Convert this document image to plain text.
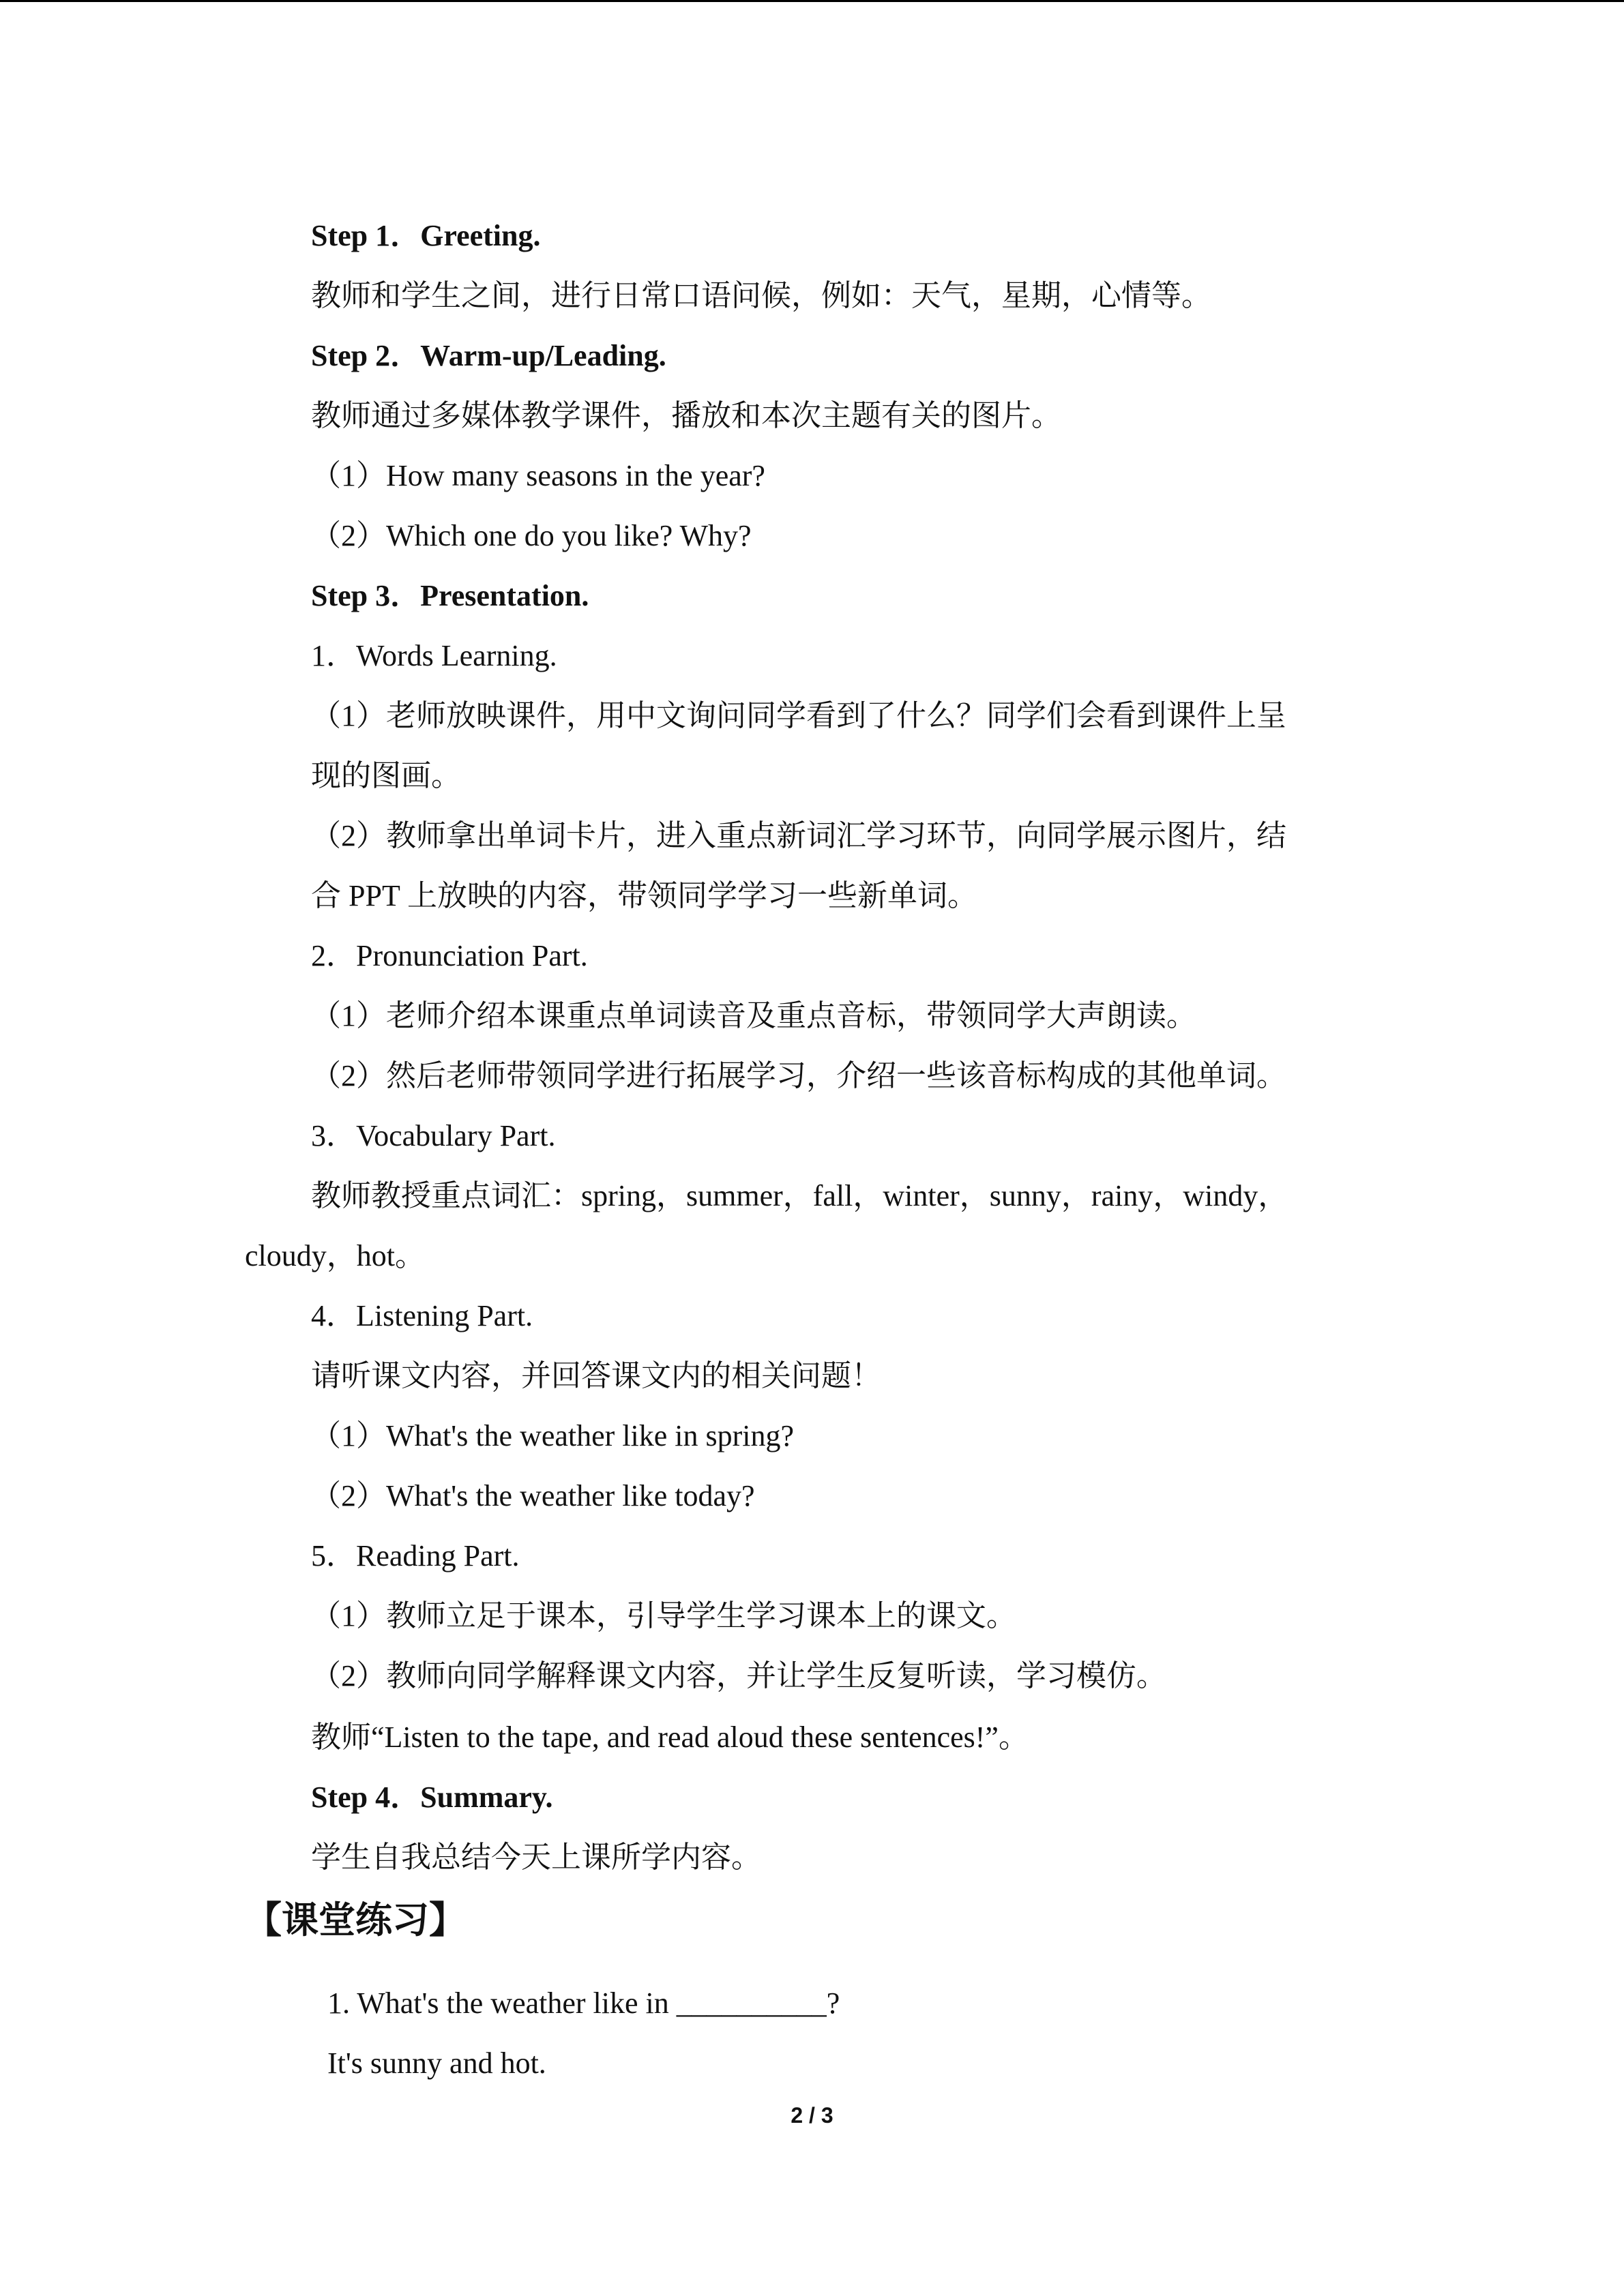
Step 1．Greeting.
教师和学生之间，进行日常口语问候，例如：天气，星期，心情等。
Step 2．Warm-up/Leading.
教师通过多媒体教学课件，播放和本次主题有关的图片。
（1）How many seasons in the year?
（2）Which one do you like? Why?
Step 3．Presentation.
1．Words Learning.
（1）老师放映课件，用中文询问同学看到了什么？同学们会看到课件上呈
现的图画。
（2）教师拿出单词卡片，进入重点新词汇学习环节，向同学展示图片，结
合 PPT 上放映的内容，带领同学学习一些新单词。
2．Pronunciation Part.
（1）老师介绍本课重点单词读音及重点音标，带领同学大声朗读。
（2）然后老师带领同学进行拓展学习，介绍一些该音标构成的其他单词。
3．Vocabulary Part.
教师教授重点词汇：spring，summer，fall，winter，sunny，rainy，windy，
cloudy，hot。
4．Listening Part.
请听课文内容，并回答课文内的相关问题！
（1）What's the weather like in spring?
（2）What's the weather like today?
5．Reading Part.
（1）教师立足于课本，引导学生学习课本上的课文。
（2）教师向同学解释课文内容，并让学生反复听读，学习模仿。
教师“Listen to the tape, and read aloud these sentences!”。
Step 4．Summary.
学生自我总结今天上课所学内容。
【课堂练习】
1. What's the weather like in __________?
It's sunny and hot.
2 / 3
